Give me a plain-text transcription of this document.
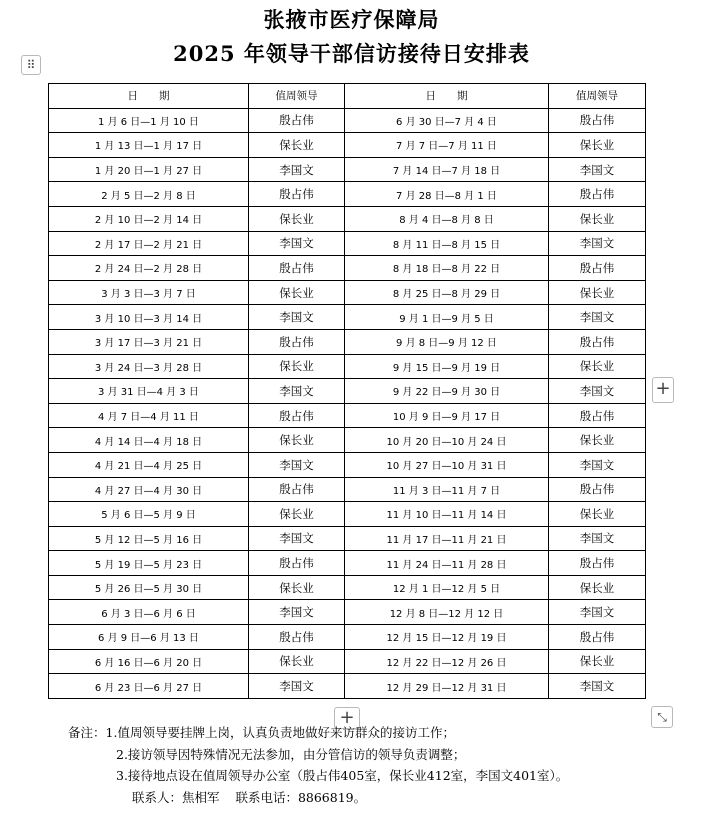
张掖市医疗保障局
2025 年领导干部信访接待日安排表
⠿
日　　期	值周领导	日　　期	值周领导
1 月 6 日—1 月 10 日	殷占伟	6 月 30 日—7 月 4 日	殷占伟
1 月 13 日—1 月 17 日	保长业	7 月 7 日—7 月 11 日	保长业
1 月 20 日—1 月 27 日	李国文	7 月 14 日—7 月 18 日	李国文
2 月 5 日—2 月 8 日	殷占伟	7 月 28 日—8 月 1 日	殷占伟
2 月 10 日—2 月 14 日	保长业	8 月 4 日—8 月 8 日	保长业
2 月 17 日—2 月 21 日	李国文	8 月 11 日—8 月 15 日	李国文
2 月 24 日—2 月 28 日	殷占伟	8 月 18 日—8 月 22 日	殷占伟
3 月 3 日—3 月 7 日	保长业	8 月 25 日—8 月 29 日	保长业
3 月 10 日—3 月 14 日	李国文	9 月 1 日—9 月 5 日	李国文
3 月 17 日—3 月 21 日	殷占伟	9 月 8 日—9 月 12 日	殷占伟
3 月 24 日—3 月 28 日	保长业	9 月 15 日—9 月 19 日	保长业
3 月 31 日—4 月 3 日	李国文	9 月 22 日—9 月 30 日	李国文
4 月 7 日—4 月 11 日	殷占伟	10 月 9 日—9 月 17 日	殷占伟
4 月 14 日—4 月 18 日	保长业	10 月 20 日—10 月 24 日	保长业
4 月 21 日—4 月 25 日	李国文	10 月 27 日—10 月 31 日	李国文
4 月 27 日—4 月 30 日	殷占伟	11 月 3 日—11 月 7 日	殷占伟
5 月 6 日—5 月 9 日	保长业	11 月 10 日—11 月 14 日	保长业
5 月 12 日—5 月 16 日	李国文	11 月 17 日—11 月 21 日	李国文
5 月 19 日—5 月 23 日	殷占伟	11 月 24 日—11 月 28 日	殷占伟
5 月 26 日—5 月 30 日	保长业	12 月 1 日—12 月 5 日	保长业
6 月 3 日—6 月 6 日	李国文	12 月 8 日—12 月 12 日	李国文
6 月 9 日—6 月 13 日	殷占伟	12 月 15 日—12 月 19 日	殷占伟
6 月 16 日—6 月 20 日	保长业	12 月 22 日—12 月 26 日	保长业
6 月 23 日—6 月 27 日	李国文	12 月 29 日—12 月 31 日	李国文
+
+	⤡
备注：1.值周领导要挂牌上岗，认真负责地做好来访群众的接访工作；
2.接访领导因特殊情况无法参加，由分管信访的领导负责调整；
3.接待地点设在值周领导办公室（殷占伟405室，保长业412室，李国文401室）。
联系人：焦相军 联系电话：8866819。
